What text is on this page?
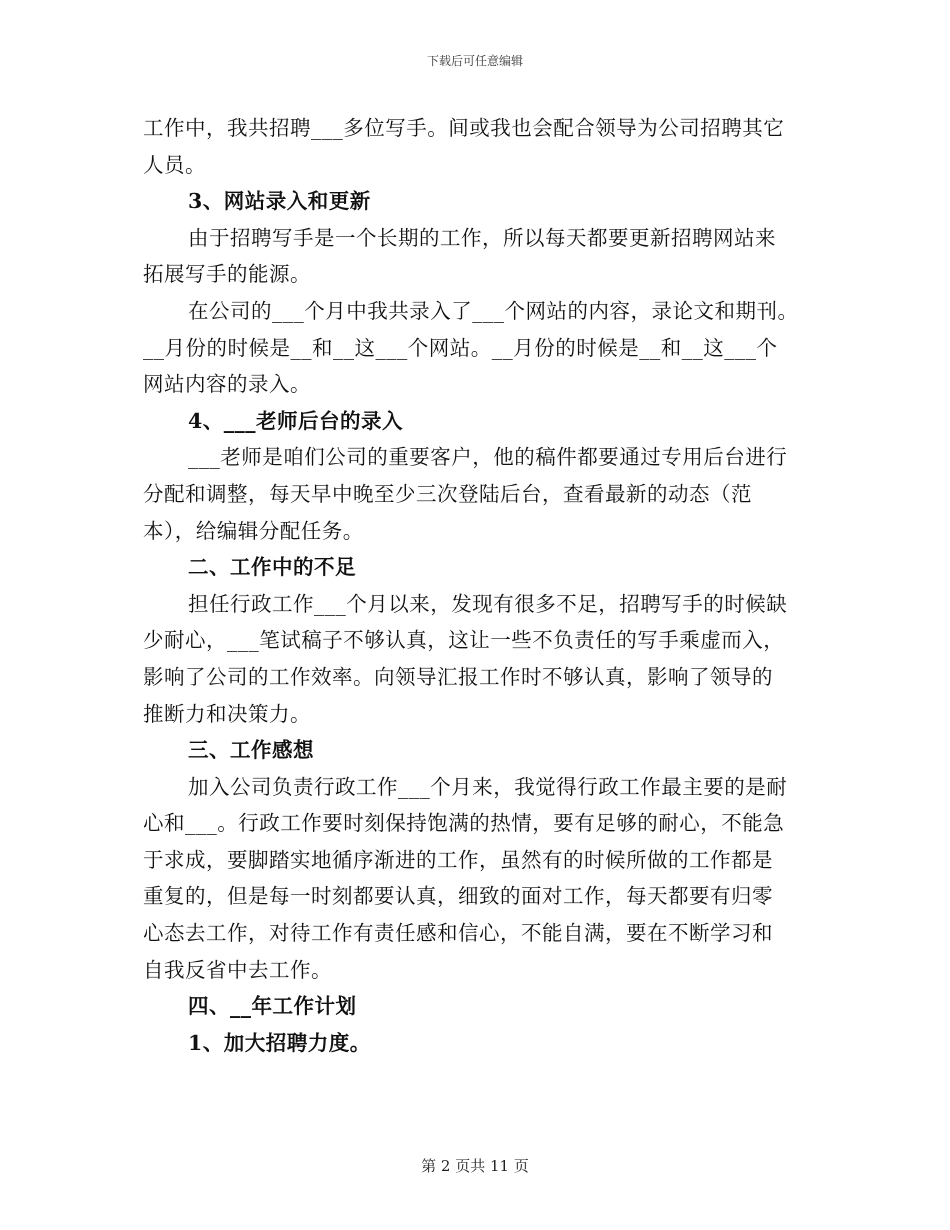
下载后可任意编辑
工作中，我共招聘___多位写手。间或我也会配合领导为公司招聘其它
人员。
3、网站录入和更新
由于招聘写手是一个长期的工作，所以每天都要更新招聘网站来
拓展写手的能源。
在公司的___个月中我共录入了___个网站的内容，录论文和期刊。
__月份的时候是__和__这___个网站。__月份的时候是__和__这___个
网站内容的录入。
4、___老师后台的录入
___老师是咱们公司的重要客户，他的稿件都要通过专用后台进行
分配和调整，每天早中晚至少三次登陆后台，查看最新的动态（范
本），给编辑分配任务。
二、工作中的不足
担任行政工作___个月以来，发现有很多不足，招聘写手的时候缺
少耐心，___笔试稿子不够认真，这让一些不负责任的写手乘虚而入，
影响了公司的工作效率。向领导汇报工作时不够认真，影响了领导的
推断力和决策力。
三、工作感想
加入公司负责行政工作___个月来，我觉得行政工作最主要的是耐
心和___。行政工作要时刻保持饱满的热情，要有足够的耐心，不能急
于求成，要脚踏实地循序渐进的工作，虽然有的时候所做的工作都是
重复的，但是每一时刻都要认真，细致的面对工作，每天都要有归零
心态去工作，对待工作有责任感和信心，不能自满，要在不断学习和
自我反省中去工作。
四、__年工作计划
1、加大招聘力度。
第 2 页共 11 页
